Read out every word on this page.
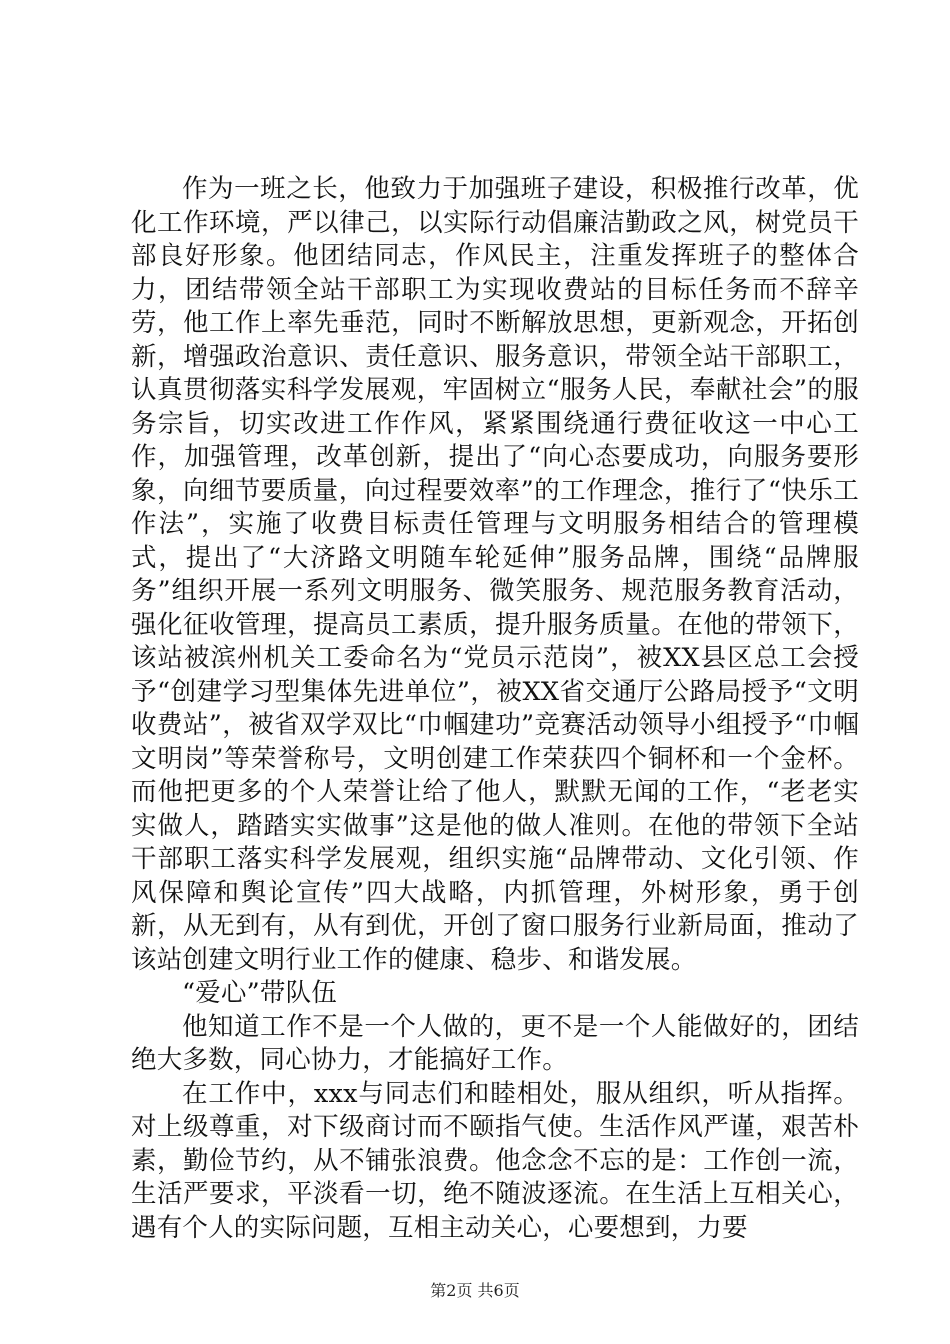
作为一班之长，他致力于加强班子建设，积极推行改革，优化工作环境，严以律己，以实际行动倡廉洁勤政之风，树党员干部良好形象。他团结同志，作风民主，注重发挥班子的整体合力，团结带领全站干部职工为实现收费站的目标任务而不辞辛劳，他工作上率先垂范，同时不断解放思想，更新观念，开拓创新，增强政治意识、责任意识、服务意识，带领全站干部职工，认真贯彻落实科学发展观，牢固树立“服务人民，奉献社会”的服务宗旨，切实改进工作作风，紧紧围绕通行费征收这一中心工作，加强管理，改革创新，提出了“向心态要成功，向服务要形象，向细节要质量，向过程要效率”的工作理念，推行了“快乐工作法”，实施了收费目标责任管理与文明服务相结合的管理模式，提出了“大济路文明随车轮延伸”服务品牌，围绕“品牌服务”组织开展一系列文明服务、微笑服务、规范服务教育活动，强化征收管理，提高员工素质，提升服务质量。在他的带领下，该站被滨州机关工委命名为“党员示范岗”，被XX县区总工会授予“创建学习型集体先进单位”，被XX省交通厅公路局授予“文明收费站”，被省双学双比“巾帼建功”竞赛活动领导小组授予“巾帼文明岗”等荣誉称号，文明创建工作荣获四个铜杯和一个金杯。而他把更多的个人荣誉让给了他人，默默无闻的工作，“老老实实做人，踏踏实实做事”这是他的做人准则。在他的带领下全站干部职工落实科学发展观，组织实施“品牌带动、文化引领、作风保障和舆论宣传”四大战略，内抓管理，外树形象，勇于创新，从无到有，从有到优，开创了窗口服务行业新局面，推动了该站创建文明行业工作的健康、稳步、和谐发展。

“爱心”带队伍

他知道工作不是一个人做的，更不是一个人能做好的，团结绝大多数，同心协力，才能搞好工作。

在工作中，xxx与同志们和睦相处，服从组织，听从指挥。对上级尊重，对下级商讨而不颐指气使。生活作风严谨，艰苦朴素，勤俭节约，从不铺张浪费。他念念不忘的是：工作创一流，生活严要求，平淡看一切，绝不随波逐流。在生活上互相关心，遇有个人的实际问题，互相主动关心，心要想到，力要

第2页 共6页
